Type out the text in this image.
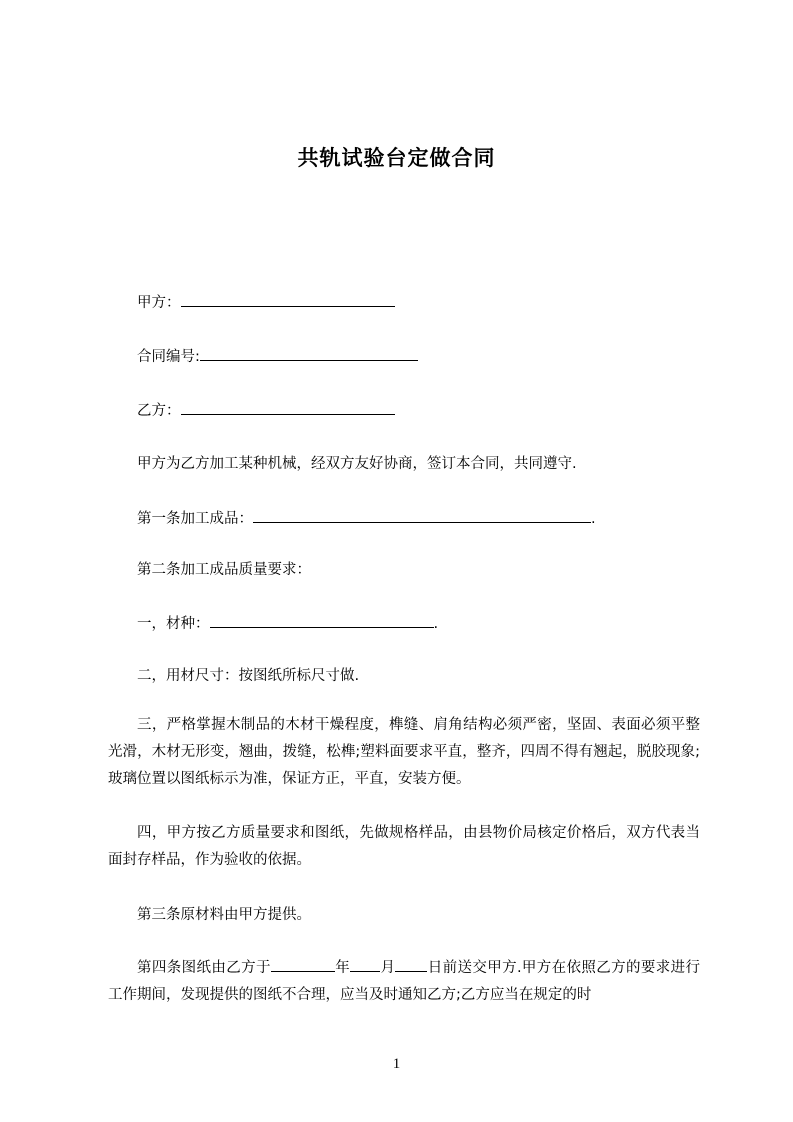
共轨试验台定做合同
甲方：
合同编号:
乙方：
甲方为乙方加工某种机械，经双方友好协商，签订本合同，共同遵守.
第一条加工成品：	.
第二条加工成品质量要求：
一，材种：	.
二，用材尺寸：按图纸所标尺寸做.

三，严格掌握木制品的木材干燥程度，榫缝、肩角结构必须严密，坚固、表面必须平整光滑，木材无形变，翘曲，拨缝，松榫;塑料面要求平直，整齐，四周不得有翘起，脱胶现象;玻璃位置以图纸标示为准，保证方正，平直，安装方便。

四，甲方按乙方质量要求和图纸，先做规格样品，由县物价局核定价格后，双方代表当面封存样品，作为验收的依据。

第三条原材料由甲方提供。

第四条图纸由乙方于	年 月 日前送交甲方.甲方在依照乙方的要求进行工作期间，发现提供的图纸不合理，应当及时通知乙方;乙方应当在规定的时

1
